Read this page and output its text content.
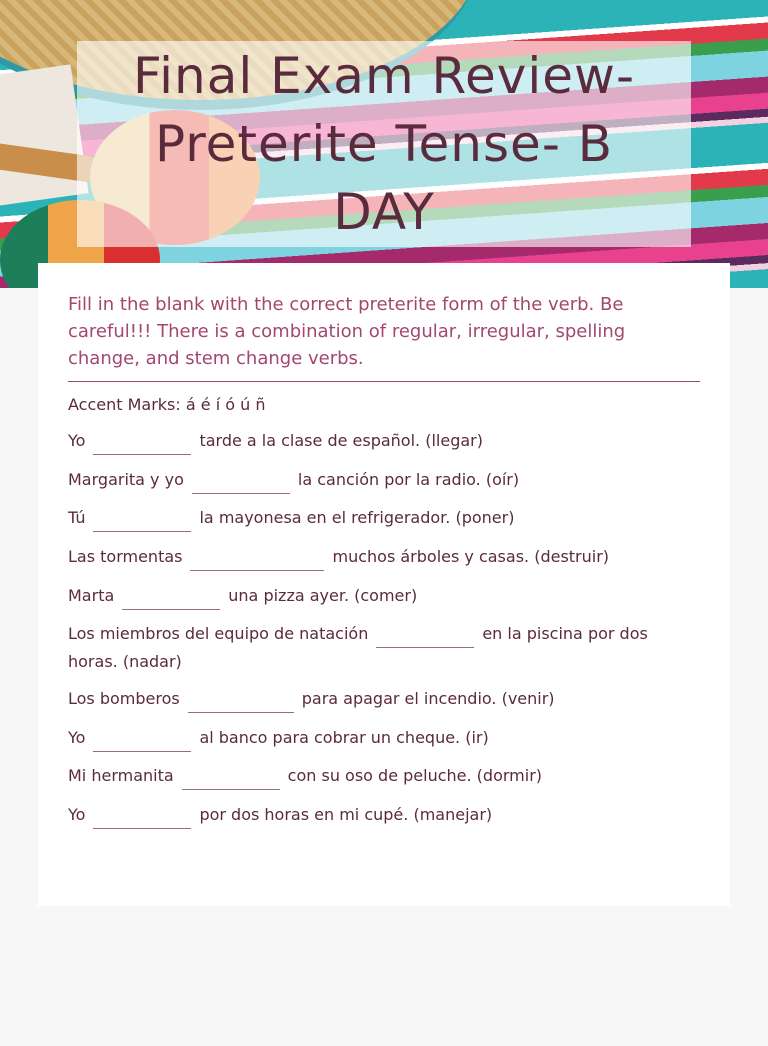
Final Exam Review- Preterite Tense- B DAY

Fill in the blank with the correct preterite form of the verb. Be careful!!! There is a combination of regular, irregular, spelling change, and stem change verbs.

Accent Marks: á é í ó ú ñ
Yo	tarde a la clase de español. (llegar)
Margarita y yo	la canción por la radio. (oír)
Tú	la mayonesa en el refrigerador. (poner)
Las tormentas	muchos árboles y casas. (destruir)
Marta	una pizza ayer. (comer)
Los miembros del equipo de natación	en la piscina por dos horas. (nadar)
Los bomberos	para apagar el incendio. (venir)
Yo	al banco para cobrar un cheque. (ir)
Mi hermanita	con su oso de peluche. (dormir)
Yo	por dos horas en mi cupé. (manejar)
